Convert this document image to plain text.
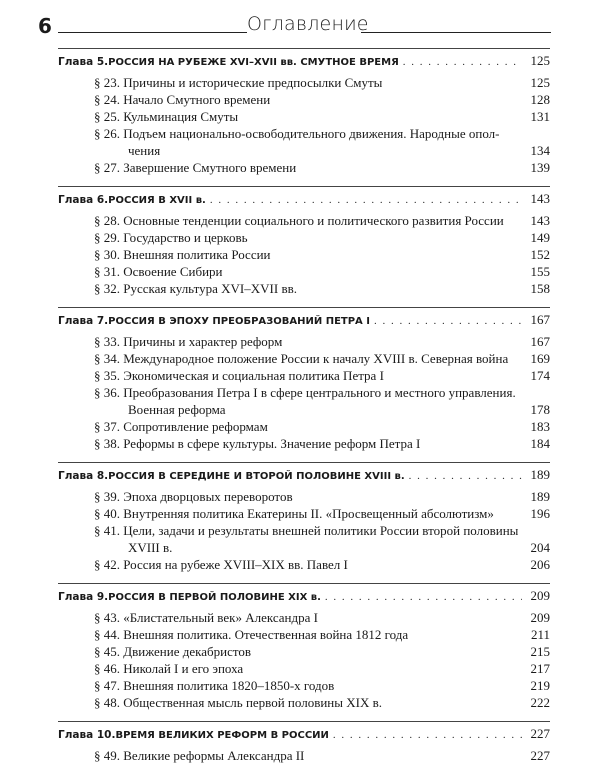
6	Оглавление
Глава 5. РОССИЯ НА РУБЕЖЕ XVI–XVII вв. СМУТНОЕ ВРЕМЯ . . .	125
§ 23. Причины и исторические предпосылки Смуты	125
§ 24. Начало Смутного времени	128
§ 25. Кульминация Смуты	131
§ 26. Подъем национально-освободительного движения. Народные опол-
чения	134
§ 27. Завершение Смутного времени	139
Глава 6. РОССИЯ В XVII в. . . .	143
§ 28. Основные тенденции социального и политического развития России	143
§ 29. Государство и церковь	149
§ 30. Внешняя политика России	152
§ 31. Освоение Сибири	155
§ 32. Русская культура XVI–XVII вв.	158
Глава 7. РОССИЯ В ЭПОХУ ПРЕОБРАЗОВАНИЙ ПЕТРА I . . .	167
§ 33. Причины и характер реформ	167
§ 34. Международное положение России к началу XVIII в. Северная война	169
§ 35. Экономическая и социальная политика Петра I	174
§ 36. Преобразования Петра I в сфере центрального и местного управления.
Военная реформа	178
§ 37. Сопротивление реформам	183
§ 38. Реформы в сфере культуры. Значение реформ Петра I	184
Глава 8. РОССИЯ В СЕРЕДИНЕ И ВТОРОЙ ПОЛОВИНЕ XVIII в. . . .	189
§ 39. Эпоха дворцовых переворотов	189
§ 40. Внутренняя политика Екатерины II. «Просвещенный абсолютизм»	196
§ 41. Цели, задачи и результаты внешней политики России второй половины
XVIII в.	204
§ 42. Россия на рубеже XVIII–XIX вв. Павел I	206
Глава 9. РОССИЯ В ПЕРВОЙ ПОЛОВИНЕ XIX в. . . .	209
§ 43. «Блистательный век» Александра I	209
§ 44. Внешняя политика. Отечественная война 1812 года	211
§ 45. Движение декабристов	215
§ 46. Николай I и его эпоха	217
§ 47. Внешняя политика 1820–1850-х годов	219
§ 48. Общественная мысль первой половины XIX в.	222
Глава 10. ВРЕМЯ ВЕЛИКИХ РЕФОРМ В РОССИИ . . .	227
§ 49. Великие реформы Александра II	227
